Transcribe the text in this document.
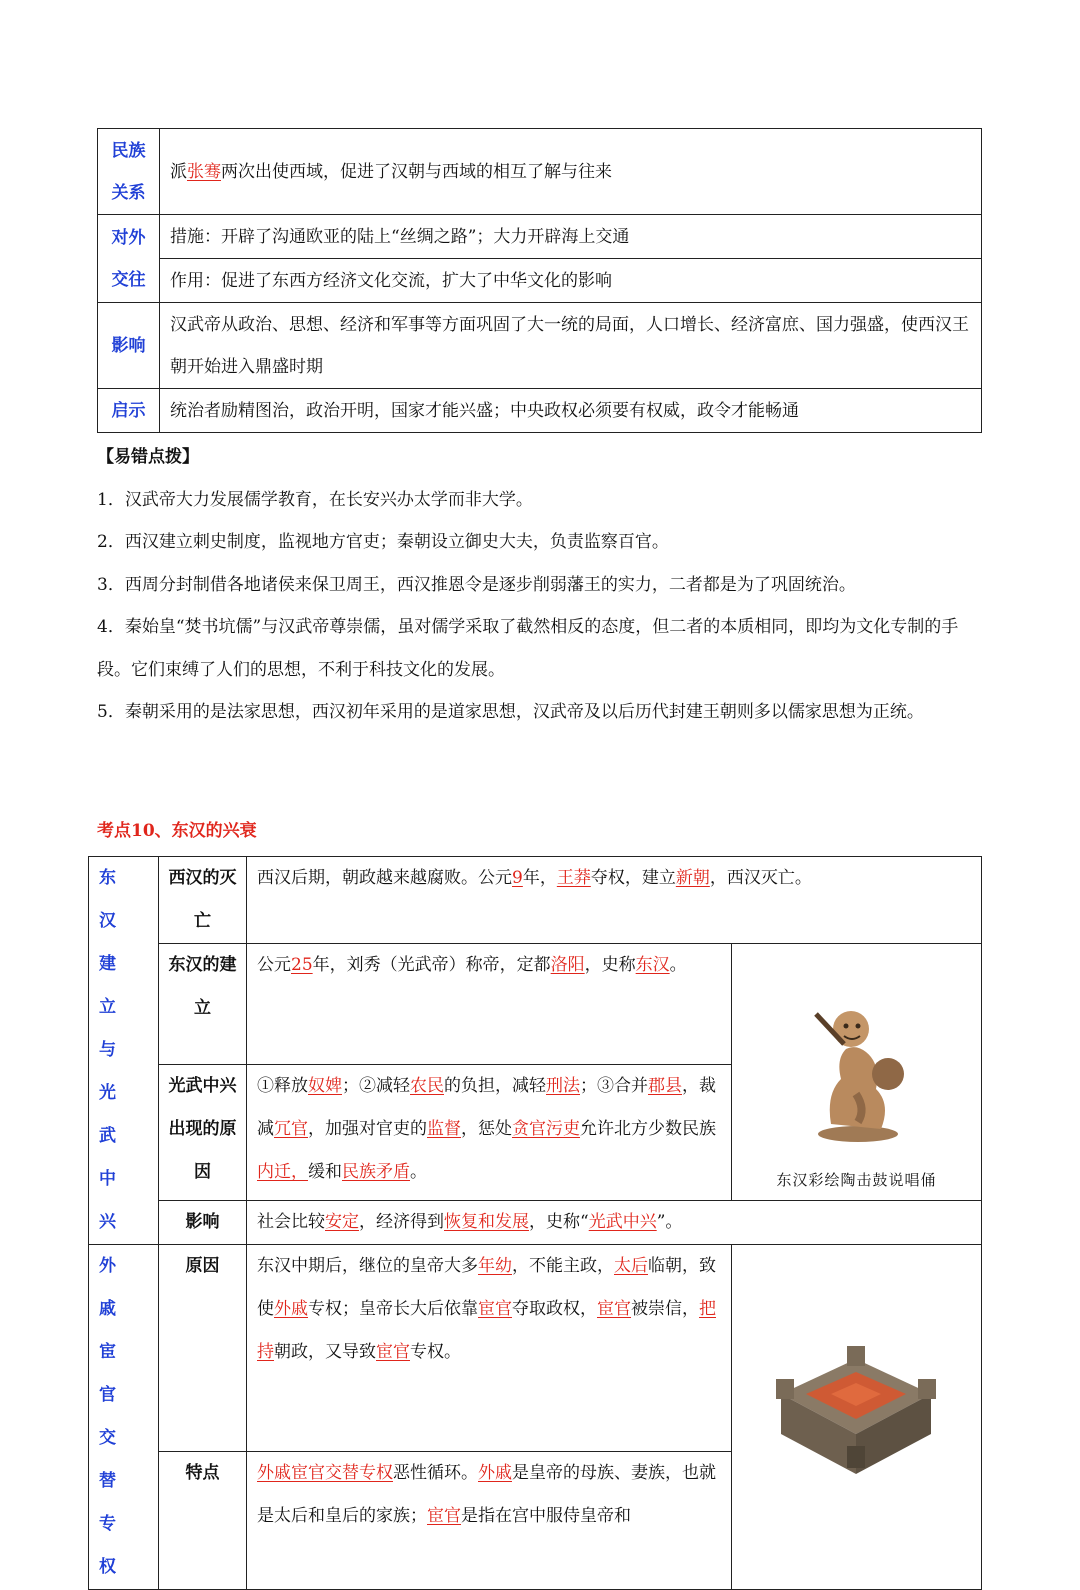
民族
关系	派张骞两次出使西域，促进了汉朝与西域的相互了解与往来
对外
交往	措施：开辟了沟通欧亚的陆上“丝绸之路”；大力开辟海上交通
	作用：促进了东西方经济文化交流，扩大了中华文化的影响
影响	汉武帝从政治、思想、经济和军事等方面巩固了大一统的局面，人口增长、经济富庶、国力强盛，使西汉王朝开始进入鼎盛时期
启示	统治者励精图治，政治开明，国家才能兴盛；中央政权必须要有权威，政令才能畅通

【易错点拨】

1．汉武帝大力发展儒学教育，在长安兴办太学而非大学。

2．西汉建立刺史制度，监视地方官吏；秦朝设立御史大夫，负责监察百官。

3．西周分封制借各地诸侯来保卫周王，西汉推恩令是逐步削弱藩王的实力，二者都是为了巩固统治。

4．秦始皇“焚书坑儒”与汉武帝尊崇儒，虽对儒学采取了截然相反的态度，但二者的本质相同，即均为文化专制的手段。它们束缚了人们的思想，不利于科技文化的发展。

5．秦朝采用的是法家思想，西汉初年采用的是道家思想，汉武帝及以后历代封建王朝则多以儒家思想为正统。

考点10、东汉的兴衰
东汉建立与光武中兴	西汉的灭亡	西汉后期，朝政越来越腐败。公元9年，王莽夺权，建立新朝，西汉灭亡。	
	东汉的建立	公元25年，刘秀（光武帝）称帝，定都洛阳，史称东汉。	东汉彩绘陶击鼓说唱俑

	光武中兴出现的原因	①释放奴婢；②减轻农民的负担，减轻刑法；③合并郡县，裁减冗官，加强对官吏的监督，惩处贪官污吏允许北方少数民族内迁，缓和民族矛盾。	
	影响	社会比较安定，经济得到恢复和发展，史称“光武中兴”。	
外戚宦官交替专权	原因	东汉中期后，继位的皇帝大多年幼，不能主政，太后临朝，致使外戚专权；皇帝长大后依靠宦官夺取政权，宦官被崇信，把持朝政，又导致宦官专权。	
	特点	外戚宦官交替专权恶性循环。外戚是皇帝的母族、妻族，也就是太后和皇后的家族；宦官是指在宫中服侍皇帝和	
